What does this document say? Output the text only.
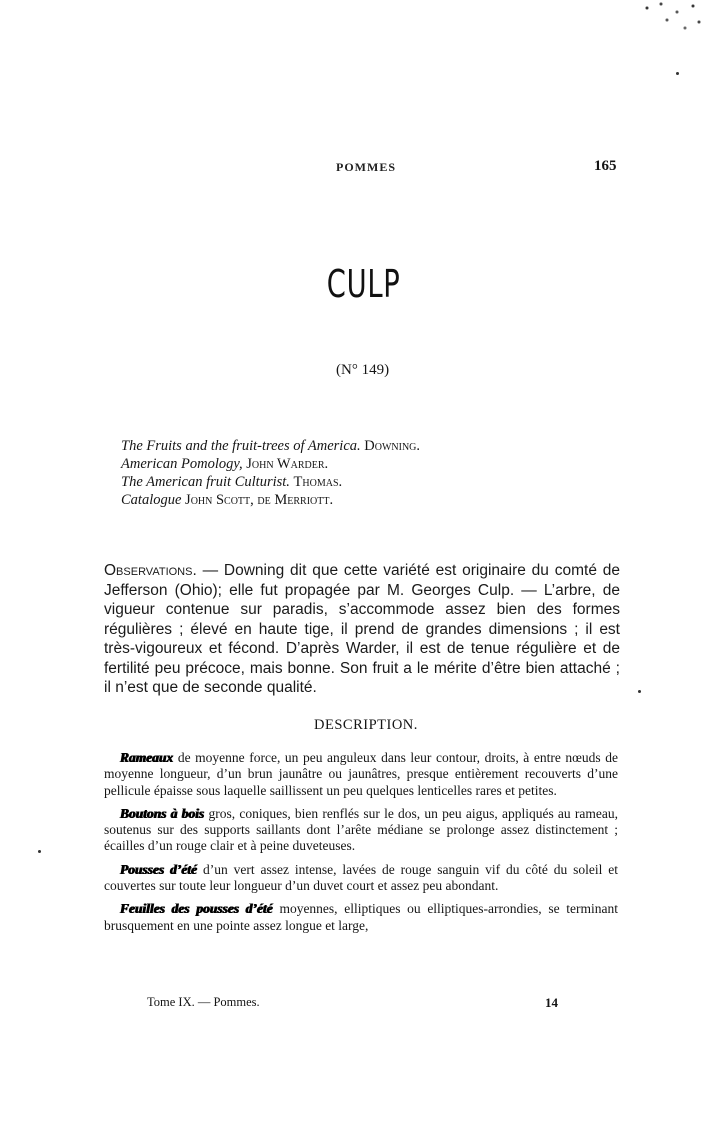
POMMES	165
CULP
(N° 149)
The Fruits and the fruit-trees of America. Downing.
American Pomology, John Warder.
The American fruit Culturist. Thomas.
Catalogue John Scott, de Merriott.
Observations. — Downing dit que cette variété est originaire du comté de Jefferson (Ohio); elle fut propagée par M. Georges Culp. — L’arbre, de vigueur contenue sur paradis, s’accommode assez bien des formes régulières ; élevé en haute tige, il prend de grandes dimensions ; il est très-vigoureux et fécond. D’après Warder, il est de tenue régulière et de fertilité peu précoce, mais bonne. Son fruit a le mérite d’être bien attaché ; il n’est que de seconde qualité.
DESCRIPTION.

Rameaux de moyenne force, un peu anguleux dans leur contour, droits, à entre nœuds de moyenne longueur, d’un brun jaunâtre ou jaunâtres, presque entièrement recouverts d’une pellicule épaisse sous laquelle saillissent un peu quelques lenticelles rares et petites.

Boutons à bois gros, coniques, bien renflés sur le dos, un peu aigus, appliqués au rameau, soutenus sur des supports saillants dont l’arête médiane se prolonge assez distinctement ; écailles d’un rouge clair et à peine duveteuses.

Pousses d’été d’un vert assez intense, lavées de rouge sanguin vif du côté du soleil et couvertes sur toute leur longueur d’un duvet court et assez peu abondant.

Feuilles des pousses d’été moyennes, elliptiques ou elliptiques-arrondies, se terminant brusquement en une pointe assez longue et large,

Tome IX. — Pommes.	14
